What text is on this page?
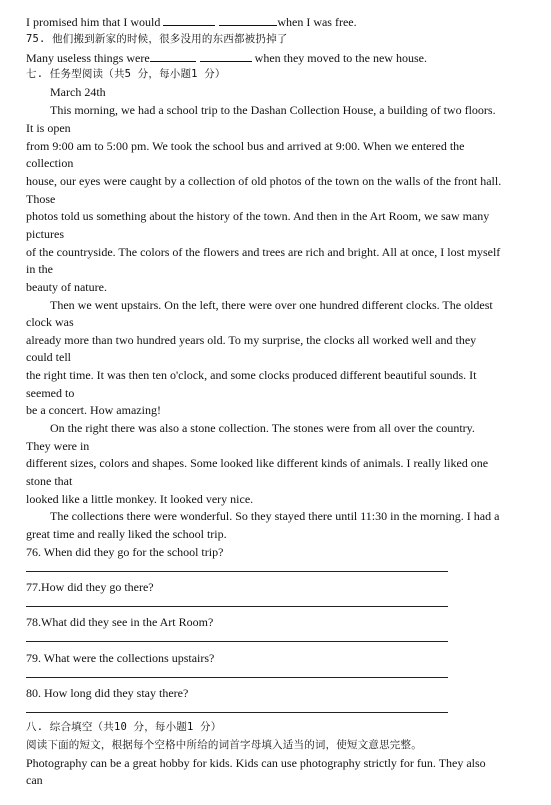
I promised him that I would	when I was free.
75. 他们搬到新家的时候，很多没用的东西都被扔掉了
Many useless things were	when they moved to the new house.
七. 任务型阅读（共5 分，每小题1 分）
March 24th
This morning, we had a school trip to the Dashan Collection House, a building of two floors.
It is open
from 9:00 am to 5:00 pm. We took the school bus and arrived at 9:00. When we entered the
collection
house, our eyes were caught by a collection of old photos of the town on the walls of the front hall.
Those
photos told us something about the history of the town. And then in the Art Room, we saw many
pictures
of the countryside. The colors of the flowers and trees are rich and bright. All at once, I lost myself
in the
beauty of nature.
Then we went upstairs. On the left, there were over one hundred different clocks. The oldest
clock was
already more than two hundred years old. To my surprise, the clocks all worked well and they
could tell
the right time. It was then ten o'clock, and some clocks produced different beautiful sounds. It
seemed to
be a concert. How amazing!
On the right there was also a stone collection. The stones were from all over the country.
They were in
different sizes, colors and shapes. Some looked like different kinds of animals. I really liked one
stone that
looked like a little monkey. It looked very nice.
The collections there were wonderful. So they stayed there until 11:30 in the morning. I had a
great time and really liked the school trip.
76. When did they go for the school trip?
77.How did they go there?
78.What did they see in the Art Room?
79. What were the collections upstairs?
80. How long did they stay there?
八. 综合填空（共10 分，每小题1 分）
阅读下面的短文，根据每个空格中所给的词首字母填入适当的词，使短文意思完整。
Photography can be a great hobby for kids. Kids can use photography strictly for fun. They also
can
